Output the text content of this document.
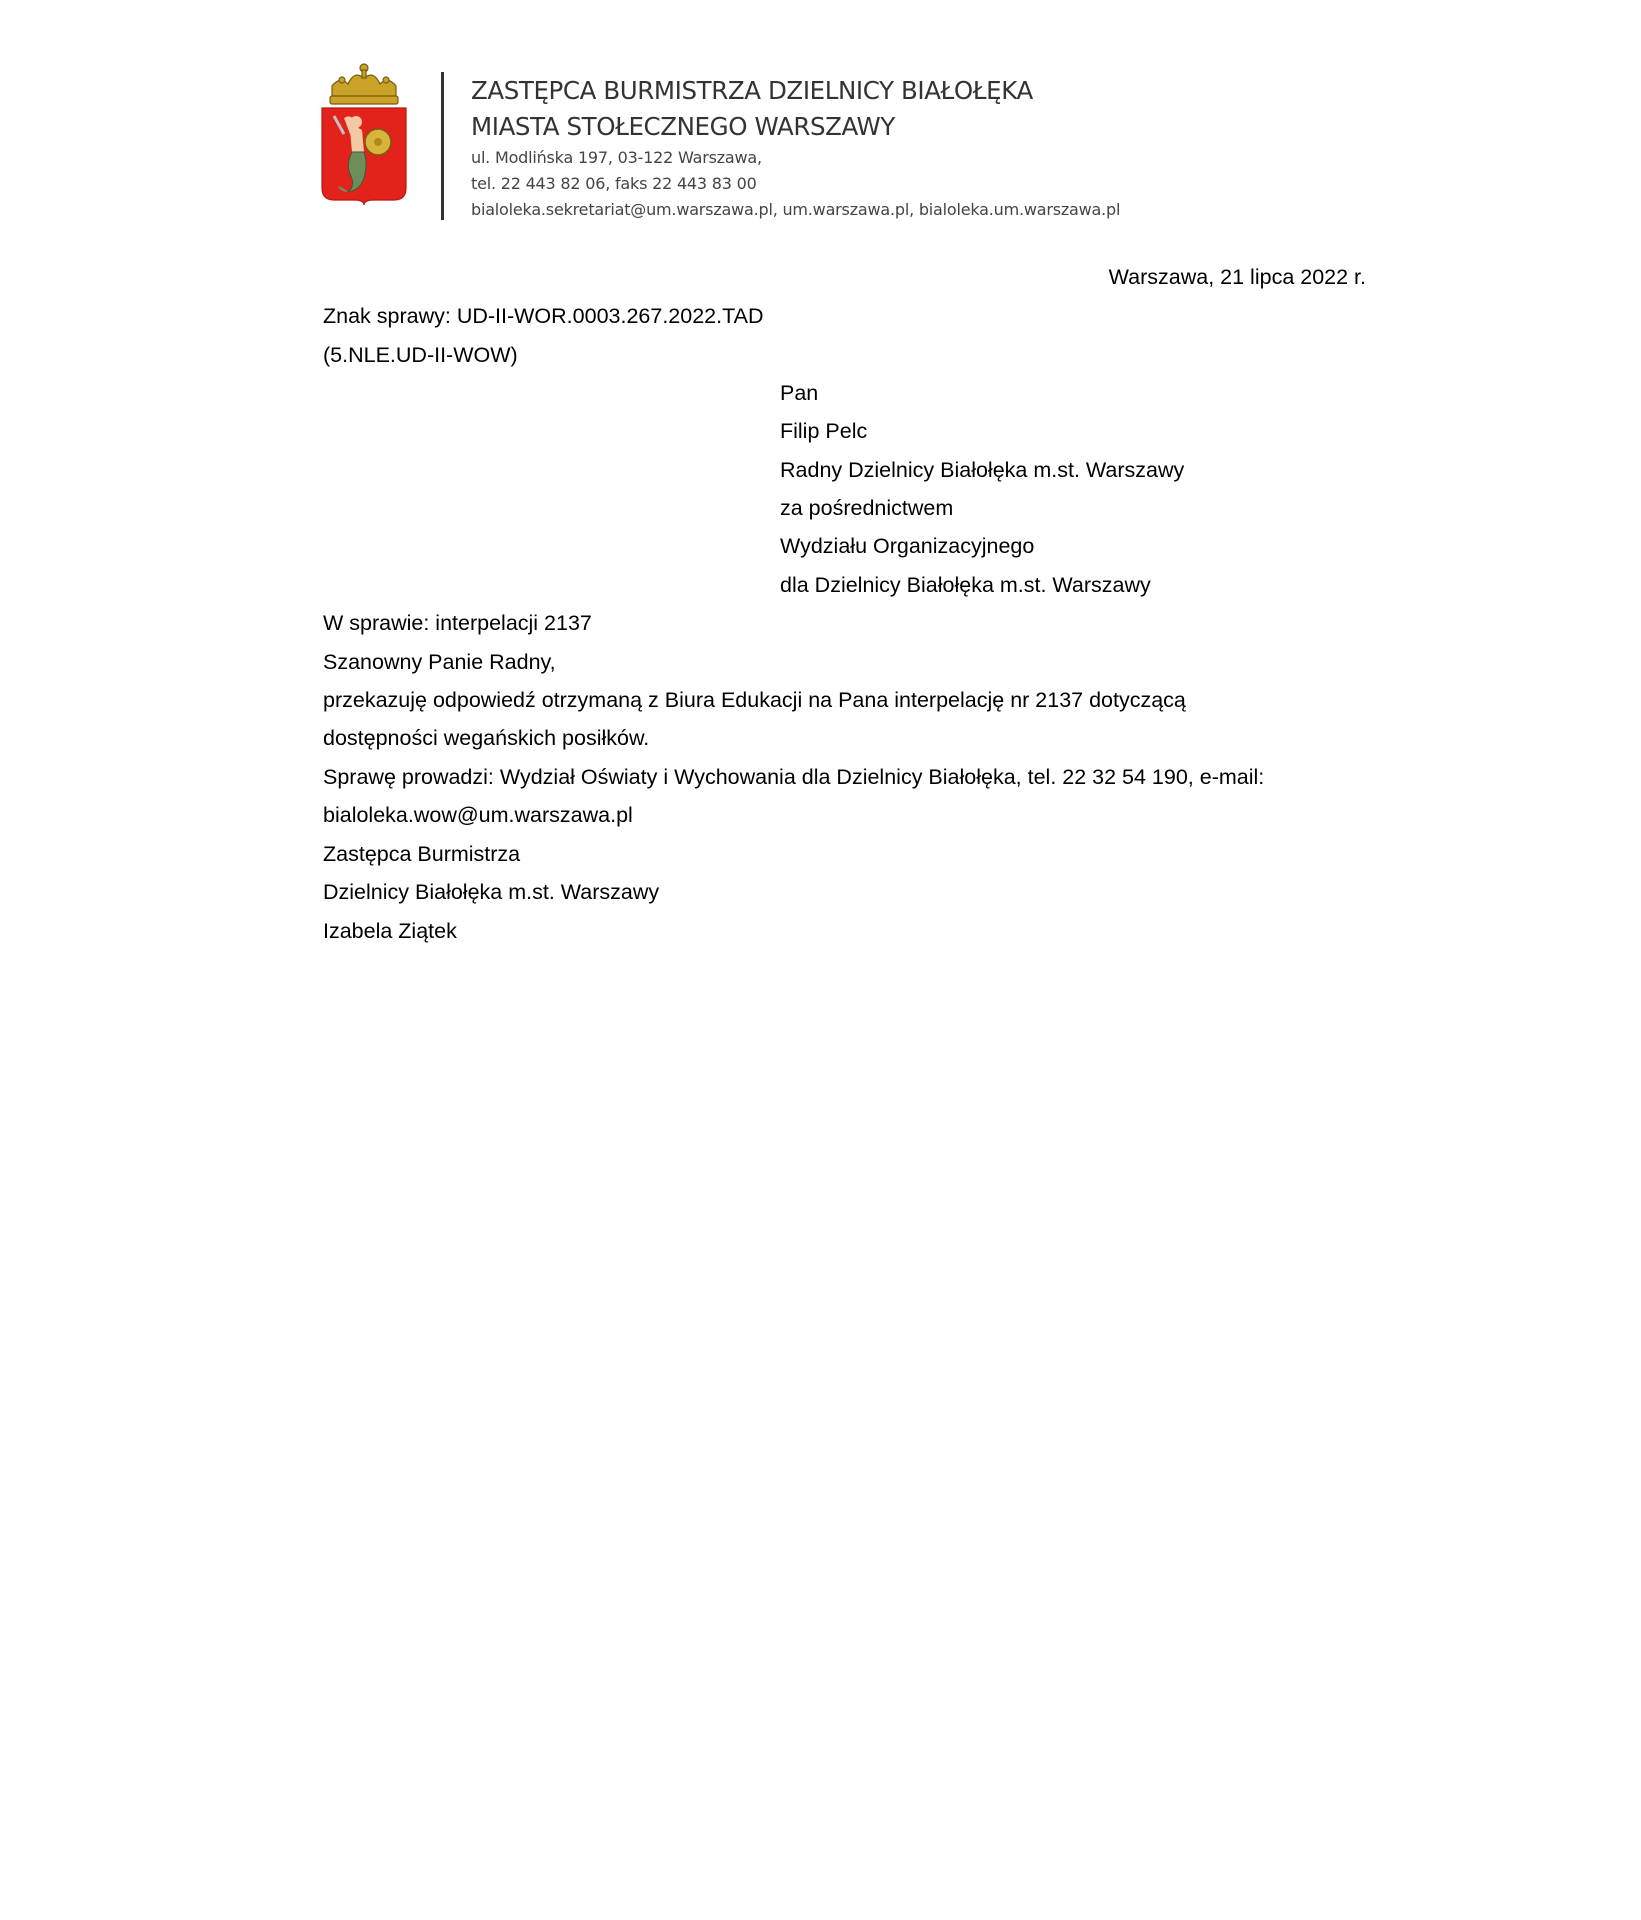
ZASTĘPCA BURMISTRZA DZIELNICY BIAŁOŁĘKA
MIASTA STOŁECZNEGO WARSZAWY
ul. Modlińska 197, 03-122 Warszawa,
tel. 22 443 82 06, faks 22 443 83 00
bialoleka.sekretariat@um.warszawa.pl, um.warszawa.pl, bialoleka.um.warszawa.pl
Warszawa, 21 lipca 2022 r.
Znak sprawy: UD-II-WOR.0003.267.2022.TAD
(5.NLE.UD-II-WOW)
Pan
Filip Pelc
Radny Dzielnicy Białołęka m.st. Warszawy
za pośrednictwem
Wydziału Organizacyjnego
dla Dzielnicy Białołęka m.st. Warszawy
W sprawie: interpelacji 2137
Szanowny Panie Radny,
przekazuję odpowiedź otrzymaną z Biura Edukacji na Pana interpelację nr 2137 dotyczącą
dostępności wegańskich posiłków.
Sprawę prowadzi: Wydział Oświaty i Wychowania dla Dzielnicy Białołęka, tel. 22 32 54 190, e-mail:
bialoleka.wow@um.warszawa.pl
Zastępca Burmistrza
Dzielnicy Białołęka m.st. Warszawy
Izabela Ziątek
